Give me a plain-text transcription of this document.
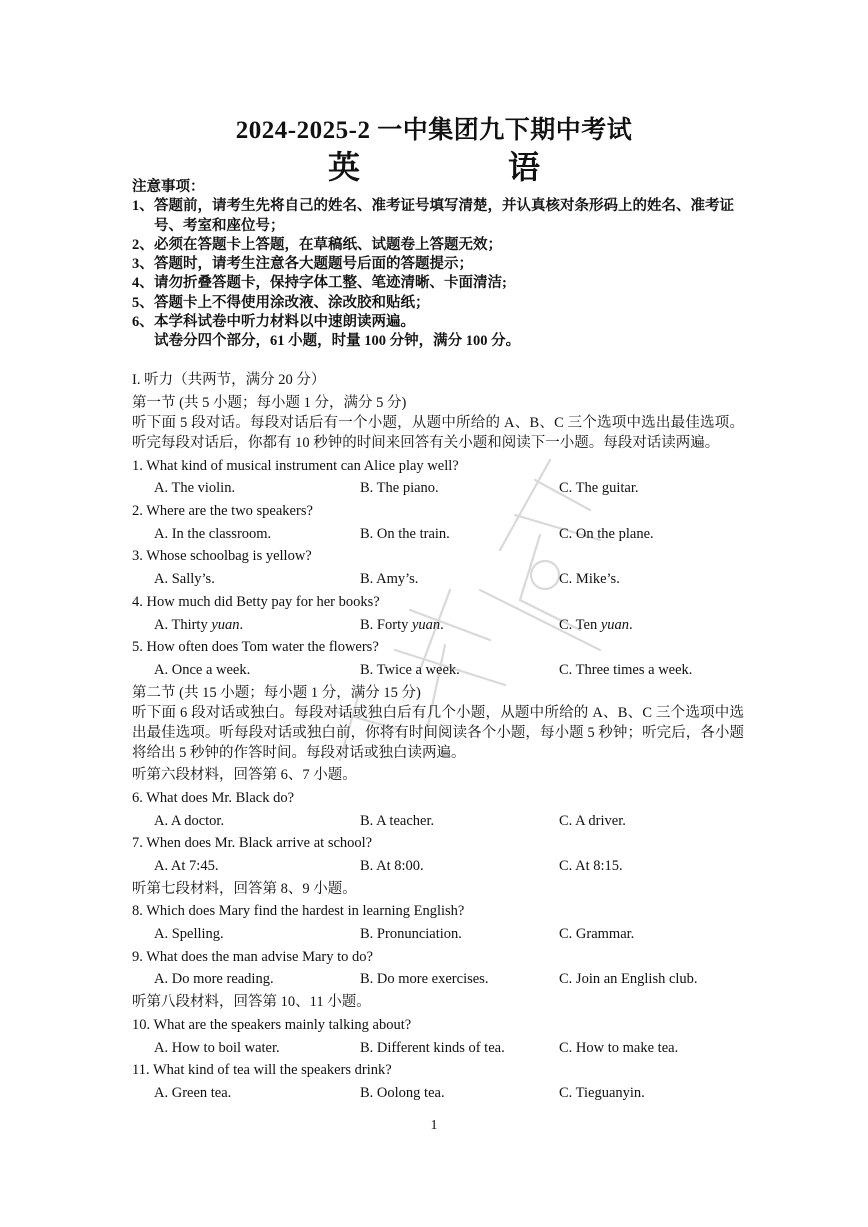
2024-2025-2 一中集团九下期中考试
英　语
注意事项：
1、 答题前，请考生先将自己的姓名、准考证号填写清楚，并认真核对条形码上的姓名、准考证号、考室和座位号；
2、 必须在答题卡上答题，在草稿纸、试题卷上答题无效；
3、 答题时，请考生注意各大题题号后面的答题提示；
4、 请勿折叠答题卡，保持字体工整、笔迹清晰、卡面清洁;
5、 答题卡上不得使用涂改液、涂改胶和贴纸；
6、 本学科试卷中听力材料以中速朗读两遍。
试卷分四个部分，61 小题，时量 100 分钟，满分 100 分。
I. 听力（共两节，满分 20 分）
第一节 (共 5 小题；每小题 1 分，满分 5 分)
听下面 5 段对话。每段对话后有一个小题，从题中所给的 A、B、C 三个选项中选出最佳选项。听完每段对话后，你都有 10 秒钟的时间来回答有关小题和阅读下一小题。每段对话读两遍。
1. What kind of musical instrument can Alice play well?
A. The violin.	B. The piano.	C. The guitar.
2. Where are the two speakers?
A. In the classroom.	B. On the train.	C. On the plane.
3. Whose schoolbag is yellow?
A. Sally’s.	B. Amy’s.	C. Mike’s.
4. How much did Betty pay for her books?
A. Thirty yuan.	B. Forty yuan.	C. Ten yuan.
5. How often does Tom water the flowers?
A. Once a week.	B. Twice a week.	C. Three times a week.
第二节 (共 15 小题；每小题 1 分，满分 15 分)
听下面 6 段对话或独白。每段对话或独白后有几个小题，从题中所给的 A、B、C 三个选项中选出最佳选项。听每段对话或独白前，你将有时间阅读各个小题，每小题 5 秒钟；听完后，各小题将给出 5 秒钟的作答时间。每段对话或独白读两遍。
听第六段材料，回答第 6、7 小题。
6. What does Mr. Black do?
A. A doctor.	B. A teacher.	C. A driver.
7. When does Mr. Black arrive at school?
A. At 7:45.	B. At 8:00.	C. At 8:15.
听第七段材料，回答第 8、9 小题。
8. Which does Mary find the hardest in learning English?
A. Spelling.	B. Pronunciation.	C. Grammar.
9. What does the man advise Mary to do?
A. Do more reading.	B. Do more exercises.	C. Join an English club.
听第八段材料，回答第 10、11 小题。
10. What are the speakers mainly talking about?
A. How to boil water.	B. Different kinds of tea.	C. How to make tea.
11. What kind of tea will the speakers drink?
A. Green tea.	B. Oolong tea.	C. Tieguanyin.
1
